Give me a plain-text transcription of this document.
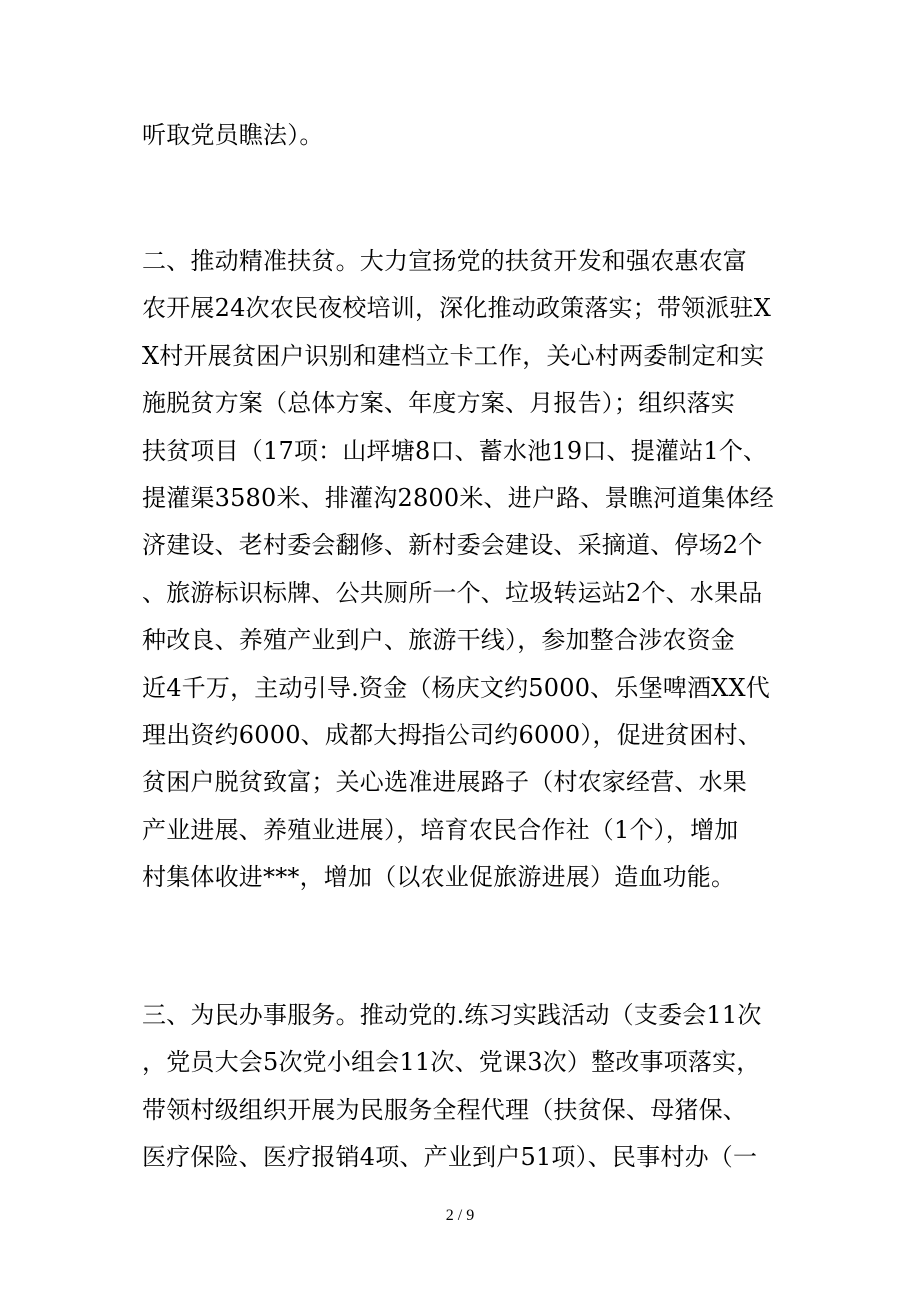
听取党员瞧法）。
二、推动精准扶贫。大力宣扬党的扶贫开发和强农惠农富
农开展24次农民夜校培训，深化推动政策落实；带领派驻X
X村开展贫困户识别和建档立卡工作，关心村两委制定和实
施脱贫方案（总体方案、年度方案、月报告）；组织落实
扶贫项目（17项：山坪塘8口、蓄水池19口、提灌站1个、
提灌渠3580米、排灌沟2800米、进户路、景瞧河道集体经
济建设、老村委会翻修、新村委会建设、采摘道、停场2个
、旅游标识标牌、公共厕所一个、垃圾转运站2个、水果品
种改良、养殖产业到户、旅游干线），参加整合涉农资金
近4千万，主动引导.资金（杨庆文约5000、乐堡啤酒XX代
理出资约6000、成都大拇指公司约6000），促进贫困村、
贫困户脱贫致富；关心选准进展路子（村农家经营、水果
产业进展、养殖业进展），培育农民合作社（1个），增加
村集体收进***，增加（以农业促旅游进展）造血功能。
三、为民办事服务。推动党的.练习实践活动（支委会11次
，党员大会5次党小组会11次、党课3次）整改事项落实，
带领村级组织开展为民服务全程代理（扶贫保、母猪保、
医疗保险、医疗报销4项、产业到户51项）、民事村办（一
2 / 9
